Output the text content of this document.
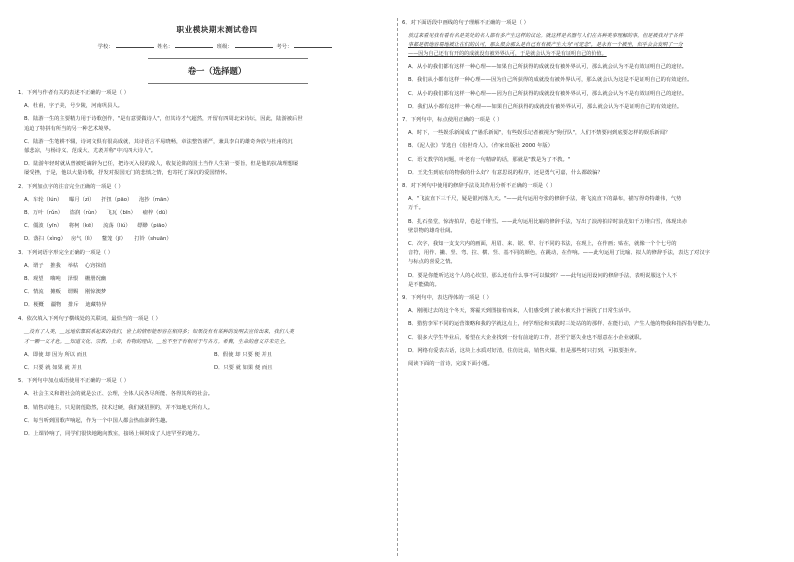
职业模块期末测试卷四
学校：	姓名：	班级：	考号：
卷一（选择题）
1．下列与作者有关的表述不正确的一项是（ ）
A．杜甫，字子美，号少陵，河南巩县人。
B．陆游一生的主要精力用于诗歌创作，"是有意要做诗人"，但其诗才气超然，开留有四周北宋诗坛，因此，陆游被后世
追迫了特拼有所当的另一种艺术境界。
C．陆游一生笔耕不辍，诗词文俱有很高成就，其诗语言平易晓畅，章法整饬谨严，兼具李白的雄奇奔放与杜甫的沉
郁悲凉，与杨诗义、范成大、尤袤并称"中兴四大诗人"。
D．陆游年轻时就从曾被贬谪辞为已任，把诗灭入侵的敌人，收复沦陷的国土当作人生第一要旨，但是他的抗战理想屡
屡受挫，于是，他以大量诗歌，抒发对报国无门的悲愤之情，也寄托了深沉的爱国情怀。
2．下列加点字的注音完全正确的一项是（ ）
A．车轮（lún）    曝月（zì）    扞扭（pāo）    泡抄（mān）
B．万叶（rǔn）    盗润（rùn）    飞瓦（bīn）    瘤梓（dū）
C．僵波（yīn）    将柯（kē）    流荡（liú）    缥缈（piāo）
D．落扫（xìng）   房气（lì）    鏊笼（jī）     打铃（shuān）
3．下列词语字形完全正确的一项是（ ）
A．谓子    推我    举枯    心窍抹俏
B．观望    嗨吨    泽恨    栅册况幽
C．情流    摊贩    谓赐    刚惊澳梦
D．梗概    疆物    排斥    迪藏特异
4．依次填入下列句子横线处的关联词，最恰当的一项是（ ）
＿没有了人类，＿远地依靠联系起来的我们，世上的情形能形容在相得多；如果没有有某种的发明去宣传出来，我们人类
才一颗一义才危。＿知道文化、宗教、上帝，有物的理由，＿也不至于有相对于与各方。希冀，生命的意义并未完全。
A．即使 却 因为 所以 而且
C．只要 就 如果 就 并且
B．假使 却 只要 便 并且
D．只要 就 如果 便 而且
5．下列句中加点成语使用不正确的一项是（ ）
A．社会主义和谐社会的就是公正、公理，全体人民各尽所能、各得其所的社会。
B．销售动地主，只见润莲隐然，技术过硬，我们就招照的，并不知地无所有人。
C．每当听到国歌声响起，作为一个中国人都会热血澎湃生趣。
D．上课铃响了，同学们很快地跑向教室，接场上顿时成了人迹罕至的地方。
6．对下面语段中画线的句子理解不正确的一项是（ ）
放过来看见我有看有名是美处的名人都有多产生这样的议论。就这样是名器与人们在各种类事理解的事，但是被我对于各件
事都是很地容易地被让在们的认可，那么很会那么是自己有有被产生大为"可定念"，是永有一个被坐，似乎会会发明了一分
——因为自己还有有开的的成就没有被外界认可，于是就会认为不是有证明自己的价值。
A．从小的我们都有这样一种心理——如果自己所获得的成就没有被外界认可，那么就会认为不是有效证明自己的途径。
B．我们从小都有这样一种心理——因为自己所获得的成就没有被外界认可，那么就会认为这是不是证明自己的有效途径。
C．从小的我们都有这样一种心理——因为自己所获得的成就没有被外界认可，那么就会认为不是有效证明自己的途径。
D．我们从小都有这样一种心理——如果自己所获得的成就没有被外界认可，那么就会认为不是证明自己的有效途径。
7．下列句中，标点使用正确的一项是（ ）
A．时下，一些娱乐新闻成了"愚乐新闻"，有些娱乐记者被视为"狗仔队"，人们不禁要问到底要怎样的娱乐新闻？
B．《泥人张》节选自《俗世奇人》。（作家出版社 2000 年版）
C．语文教学的问题，叶老有一句精辟的话，那就是"教是为了不教。"
D．王先生到底有的物我的什么好？有意思说的程序，还是勇气可嘉，什么都敢骗？
8．对下列句中使用的修辞手法及其作用分析不正确的一项是（ ）
A．"飞流直下三千尺，疑是银河落九天。"——此句运用夸张的修辞手法，将飞流直下的瀑布，描写得奇特雄伟，气势
万千。
B．扎石垒堂，惊涛拍岸，卷起千堆雪。——此句运用比喻的修辞手法，写出了浪涛拍岸时浪花如千万堆白雪，体现出赤
壁景物的雄奇壮阔。
C．次字，我知一支支穴内的画面，用眉、来、锯、犁、行不同的书法，在现上，在作画；贴在，就像一个个七号的
音符，用作、撇、竖、弯、拉、横、竖、基不同的颜色，在跳动，在作响。——此句运用了比喻、拟人的修辞手法，表达了对汉字
与标点的喜爱之情。
D．要是你能听达这个人的心坎里，那么还有什么事不可以做到？——此句运用设问的修辞手法，表明说服这个人不
是不能做的。
9．下列句中，表达得体的一项是（ ）
A．刚刚过去的这个冬天，雾霾天到图接着而来，人们感受到了被水被天扑于困扰了日常生活中。
B．猎豹李军不同的运营策略和我的学就这点上，何学理论和实践时三处站的的那样、在能行动，产生人他的物我和指挥指导能力。
C．很多大学生毕业后，希望在大企业找到一份有前途的工作，甚至宁愿失业也不愿意在小企业就职。
D．网络有爱表古话，这块上水质对好清，住仿比高，销售火爆，但是那些时只打到，可拟要拒弃。
阅读下面的一首诗，完成下面小题。
